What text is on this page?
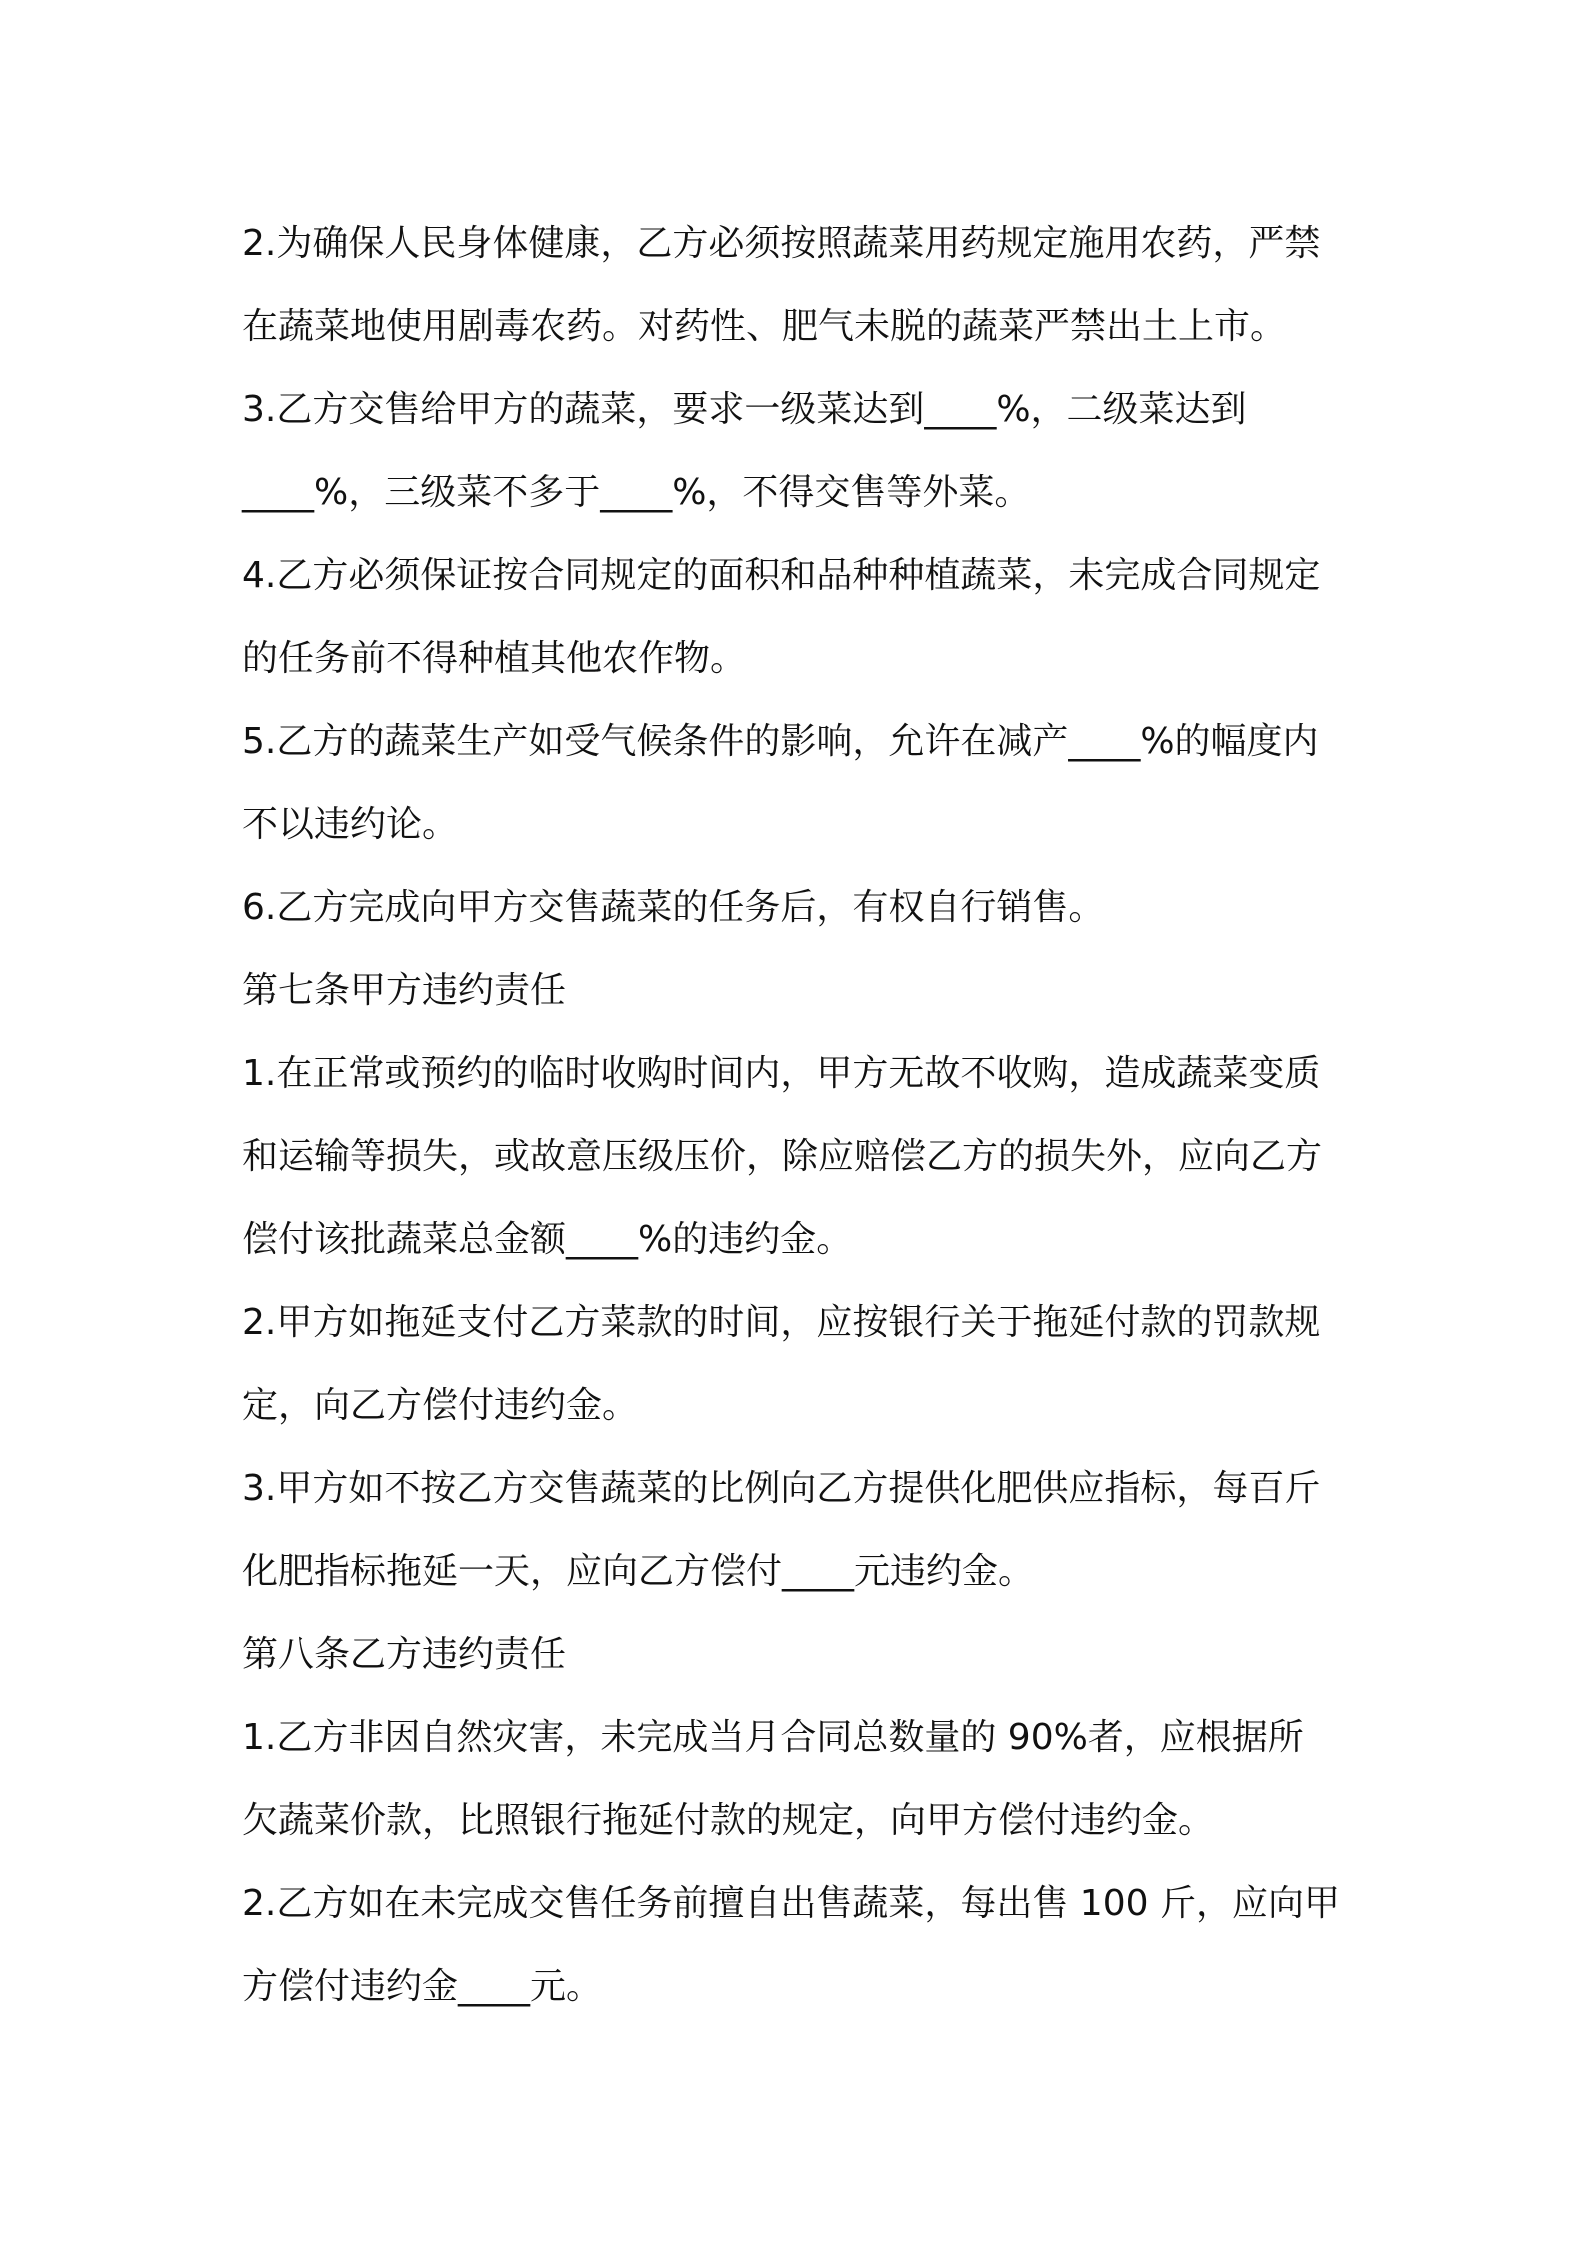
2.为确保人民身体健康，乙方必须按照蔬菜用药规定施用农药，严禁
在蔬菜地使用剧毒农药。对药性、肥气未脱的蔬菜严禁出土上市。

3.乙方交售给甲方的蔬菜，要求一级菜达到____%，二级菜达到
____%，三级菜不多于____%，不得交售等外菜。

4.乙方必须保证按合同规定的面积和品种种植蔬菜，未完成合同规定
的任务前不得种植其他农作物。

5.乙方的蔬菜生产如受气候条件的影响，允许在减产____%的幅度内
不以违约论。

6.乙方完成向甲方交售蔬菜的任务后，有权自行销售。

第七条甲方违约责任

1.在正常或预约的临时收购时间内，甲方无故不收购，造成蔬菜变质
和运输等损失，或故意压级压价，除应赔偿乙方的损失外，应向乙方
偿付该批蔬菜总金额____%的违约金。

2.甲方如拖延支付乙方菜款的时间，应按银行关于拖延付款的罚款规
定，向乙方偿付违约金。

3.甲方如不按乙方交售蔬菜的比例向乙方提供化肥供应指标，每百斤
化肥指标拖延一天，应向乙方偿付____元违约金。

第八条乙方违约责任

1.乙方非因自然灾害，未完成当月合同总数量的 90%者，应根据所
欠蔬菜价款，比照银行拖延付款的规定，向甲方偿付违约金。

2.乙方如在未完成交售任务前擅自出售蔬菜，每出售 100 斤，应向甲
方偿付违约金____元。
